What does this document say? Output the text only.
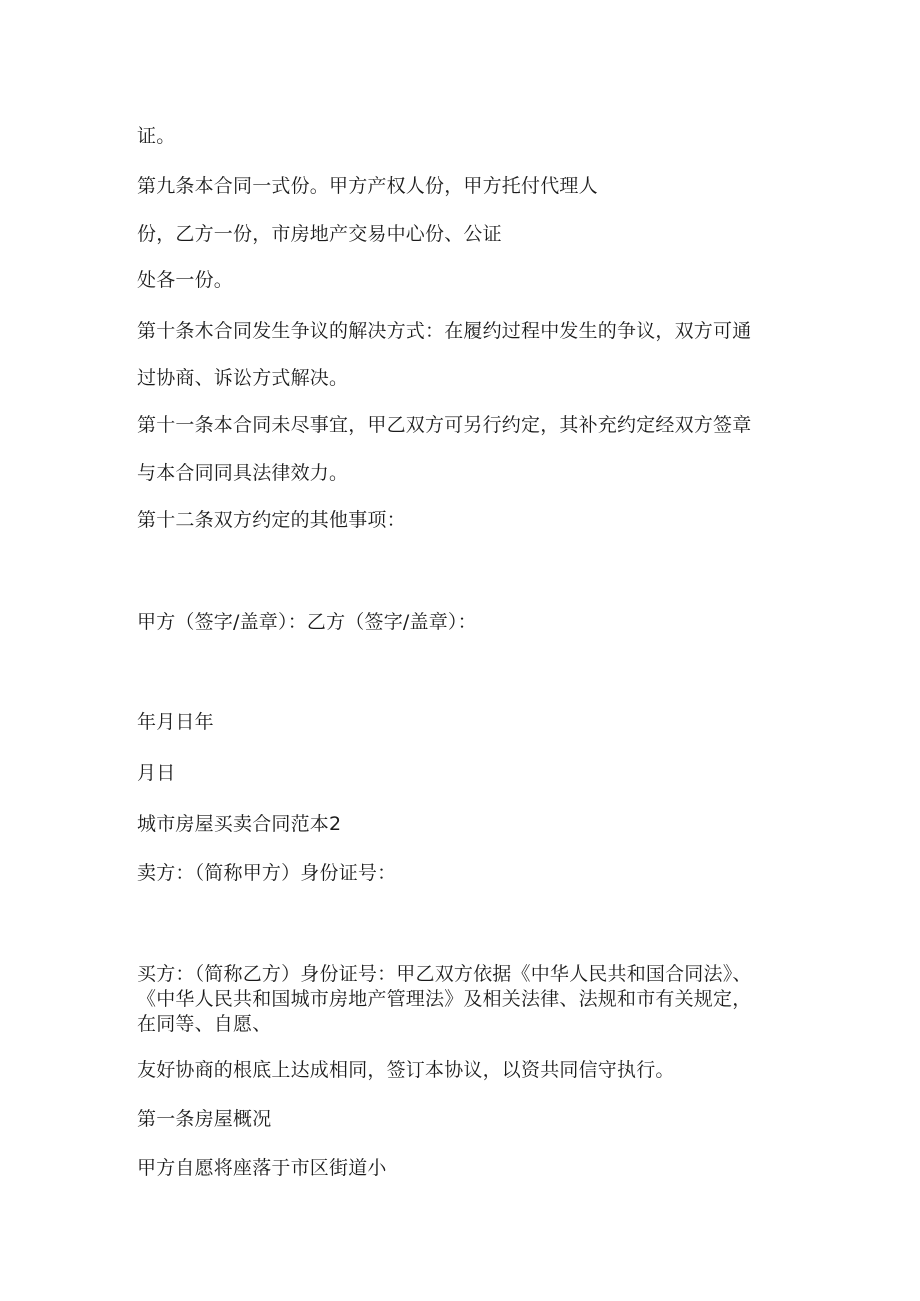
证。

第九条本合同一式份。甲方产权人份，甲方托付代理人

份，乙方一份，市房地产交易中心份、公证

处各一份。

第十条木合同发生争议的解决方式：在履约过程中发生的争议，双方可通

过协商、诉讼方式解决。

第十一条本合同未尽事宜，甲乙双方可另行约定，其补充约定经双方签章

与本合同同具法律效力。

第十二条双方约定的其他事项：

甲方（签字/盖章）：乙方（签字/盖章）：

年月日年

月日

城市房屋买卖合同范本2

卖方：（简称甲方）身份证号：

买方：（简称乙方）身份证号：甲乙双方依据《中华人民共和国合同法》、

《中华人民共和国城市房地产管理法》及相关法律、法规和市有关规定，

在同等、自愿、

友好协商的根底上达成相同，签订本协议，以资共同信守执行。

第一条房屋概况

甲方自愿将座落于市区街道小
